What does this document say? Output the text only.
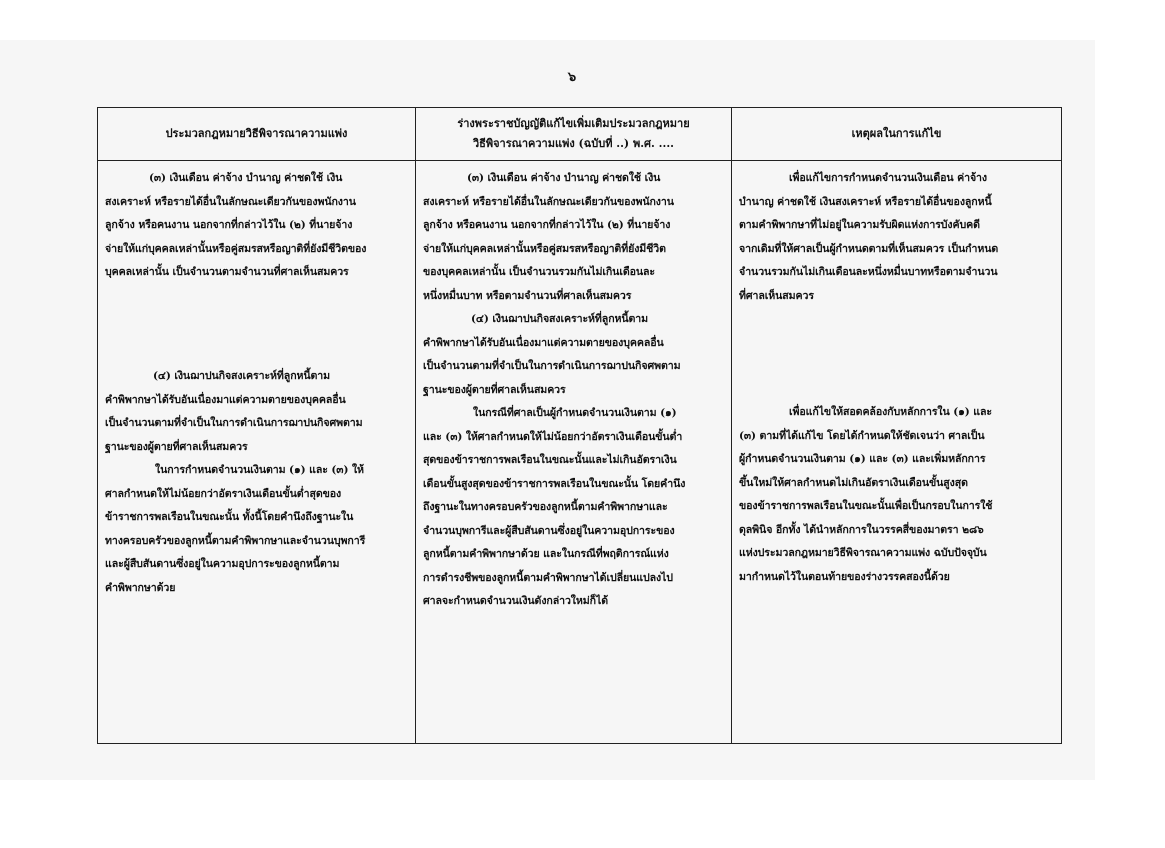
๖
ประมวลกฎหมายวิธีพิจารณาความแพ่ง
(๓) เงินเดือน ค่าจ้าง บำนาญ ค่าชดใช้ เงิน
สงเคราะห์ หรือรายได้อื่นในลักษณะเดียวกันของพนักงาน
ลูกจ้าง หรือคนงาน นอกจากที่กล่าวไว้ใน (๒) ที่นายจ้าง
จ่ายให้แก่บุคคลเหล่านั้นหรือคู่สมรสหรือญาติที่ยังมีชีวิตของ
บุคคลเหล่านั้น เป็นจำนวนตามจำนวนที่ศาลเห็นสมควร
(๔) เงินฌาปนกิจสงเคราะห์ที่ลูกหนี้ตาม
คำพิพากษาได้รับอันเนื่องมาแต่ความตายของบุคคลอื่น
เป็นจำนวนตามที่จำเป็นในการดำเนินการฌาปนกิจศพตาม
ฐานะของผู้ตายที่ศาลเห็นสมควร
ในการกำหนดจำนวนเงินตาม (๑) และ (๓) ให้
ศาลกำหนดให้ไม่น้อยกว่าอัตราเงินเดือนขั้นต่ำสุดของ
ข้าราชการพลเรือนในขณะนั้น ทั้งนี้โดยคำนึงถึงฐานะใน
ทางครอบครัวของลูกหนี้ตามคำพิพากษาและจำนวนบุพการี
และผู้สืบสันดานซึ่งอยู่ในความอุปการะของลูกหนี้ตาม
คำพิพากษาด้วย
ร่างพระราชบัญญัติแก้ไขเพิ่มเติมประมวลกฎหมาย
วิธีพิจารณาความแพ่ง (ฉบับที่ ..) พ.ศ. ....
(๓) เงินเดือน ค่าจ้าง บำนาญ ค่าชดใช้ เงิน
สงเคราะห์ หรือรายได้อื่นในลักษณะเดียวกันของพนักงาน
ลูกจ้าง หรือคนงาน นอกจากที่กล่าวไว้ใน (๒) ที่นายจ้าง
จ่ายให้แก่บุคคลเหล่านั้นหรือคู่สมรสหรือญาติที่ยังมีชีวิต
ของบุคคลเหล่านั้น เป็นจำนวนรวมกันไม่เกินเดือนละ
หนึ่งหมื่นบาท หรือตามจำนวนที่ศาลเห็นสมควร
(๔) เงินฌาปนกิจสงเคราะห์ที่ลูกหนี้ตาม
คำพิพากษาได้รับอันเนื่องมาแต่ความตายของบุคคลอื่น
เป็นจำนวนตามที่จำเป็นในการดำเนินการฌาปนกิจศพตาม
ฐานะของผู้ตายที่ศาลเห็นสมควร
ในกรณีที่ศาลเป็นผู้กำหนดจำนวนเงินตาม (๑)
และ (๓) ให้ศาลกำหนดให้ไม่น้อยกว่าอัตราเงินเดือนขั้นต่ำ
สุดของข้าราชการพลเรือนในขณะนั้นและไม่เกินอัตราเงิน
เดือนขั้นสูงสุดของข้าราชการพลเรือนในขณะนั้น โดยคำนึง
ถึงฐานะในทางครอบครัวของลูกหนี้ตามคำพิพากษาและ
จำนวนบุพการีและผู้สืบสันดานซึ่งอยู่ในความอุปการะของ
ลูกหนี้ตามคำพิพากษาด้วย และในกรณีที่พฤติการณ์แห่ง
การดำรงชีพของลูกหนี้ตามคำพิพากษาได้เปลี่ยนแปลงไป
ศาลจะกำหนดจำนวนเงินดังกล่าวใหม่ก็ได้
เหตุผลในการแก้ไข
เพื่อแก้ไขการกำหนดจำนวนเงินเดือน ค่าจ้าง
บำนาญ ค่าชดใช้ เงินสงเคราะห์ หรือรายได้อื่นของลูกหนี้
ตามคำพิพากษาที่ไม่อยู่ในความรับผิดแห่งการบังคับคดี
จากเดิมที่ให้ศาลเป็นผู้กำหนดตามที่เห็นสมควร เป็นกำหนด
จำนวนรวมกันไม่เกินเดือนละหนึ่งหมื่นบาทหรือตามจำนวน
ที่ศาลเห็นสมควร
เพื่อแก้ไขให้สอดคล้องกับหลักการใน (๑) และ
(๓) ตามที่ได้แก้ไข โดยได้กำหนดให้ชัดเจนว่า ศาลเป็น
ผู้กำหนดจำนวนเงินตาม (๑) และ (๓) และเพิ่มหลักการ
ขึ้นใหม่ให้ศาลกำหนดไม่เกินอัตราเงินเดือนขั้นสูงสุด
ของข้าราชการพลเรือนในขณะนั้นเพื่อเป็นกรอบในการใช้
ดุลพินิจ อีกทั้ง ได้นำหลักการในวรรคสี่ของมาตรา ๒๘๖
แห่งประมวลกฎหมายวิธีพิจารณาความแพ่ง ฉบับปัจจุบัน
มากำหนดไว้ในตอนท้ายของร่างวรรคสองนี้ด้วย
